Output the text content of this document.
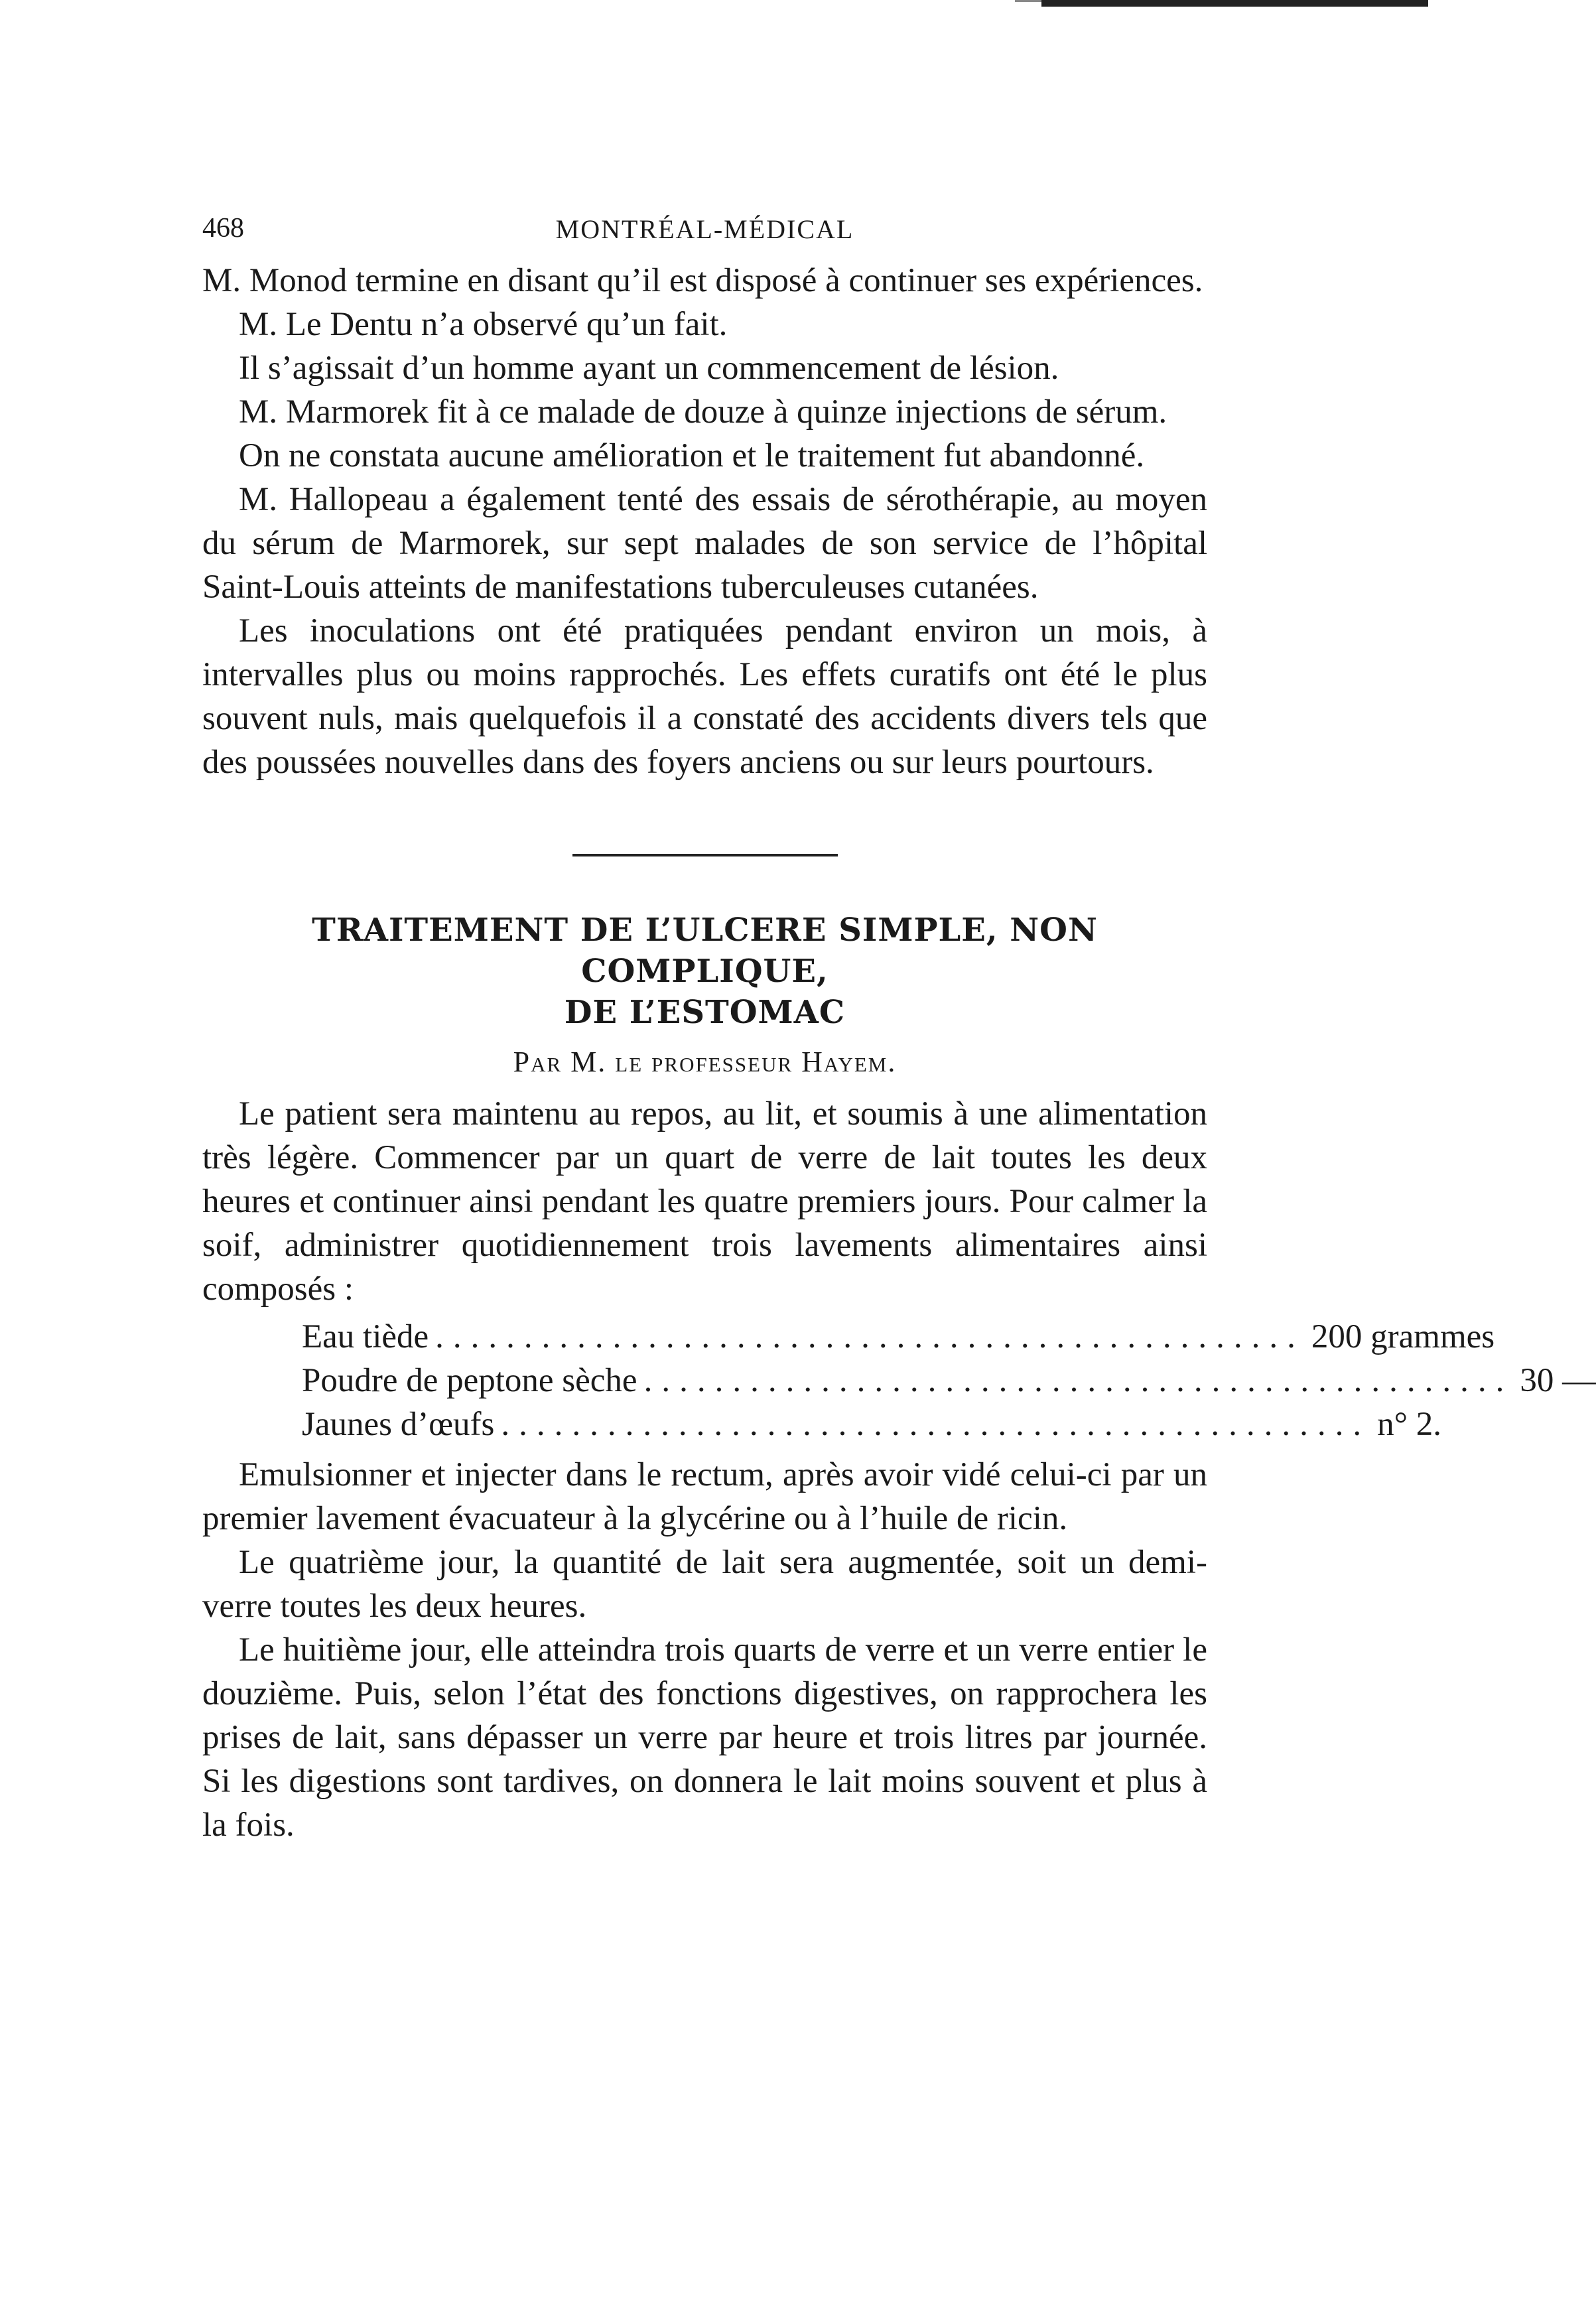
468	MONTRÉAL-MÉDICAL

M. Monod termine en disant qu’il est disposé à continuer ses expériences.

M. Le Dentu n’a observé qu’un fait.

Il s’agissait d’un homme ayant un commencement de lésion.

M. Marmorek fit à ce malade de douze à quinze injections de sérum.

On ne constata aucune amélioration et le traitement fut abandonné.

M. Hallopeau a également tenté des essais de sérothérapie, au moyen du sérum de Marmorek, sur sept malades de son service de l’hôpital Saint-Louis atteints de manifestations tuberculeuses cutanées.

Les inoculations ont été pratiquées pendant environ un mois, à intervalles plus ou moins rapprochés. Les effets curatifs ont été le plus souvent nuls, mais quelquefois il a constaté des accidents divers tels que des poussées nouvelles dans des foyers anciens ou sur leurs pourtours.

TRAITEMENT DE L’ULCERE SIMPLE, NON COMPLIQUE,

DE L’ESTOMAC

Par M. le professeur Hayem.

Le patient sera maintenu au repos, au lit, et soumis à une alimentation très légère. Commencer par un quart de verre de lait toutes les deux heures et continuer ainsi pendant les quatre premiers jours. Pour calmer la soif, administrer quotidiennement trois lavements alimentaires ainsi composés :

Eau tiède ................................................. 200 grammes
Poudre de peptone sèche ................................................. 30 —
Jaunes d’œufs ................................................. n° 2.

Emulsionner et injecter dans le rectum, après avoir vidé celui-ci par un premier lavement évacuateur à la glycérine ou à l’huile de ricin.

Le quatrième jour, la quantité de lait sera augmentée, soit un demi-verre toutes les deux heures.

Le huitième jour, elle atteindra trois quarts de verre et un verre entier le douzième. Puis, selon l’état des fonctions digestives, on rapprochera les prises de lait, sans dépasser un verre par heure et trois litres par journée. Si les digestions sont tardives, on donnera le lait moins souvent et plus à la fois.
